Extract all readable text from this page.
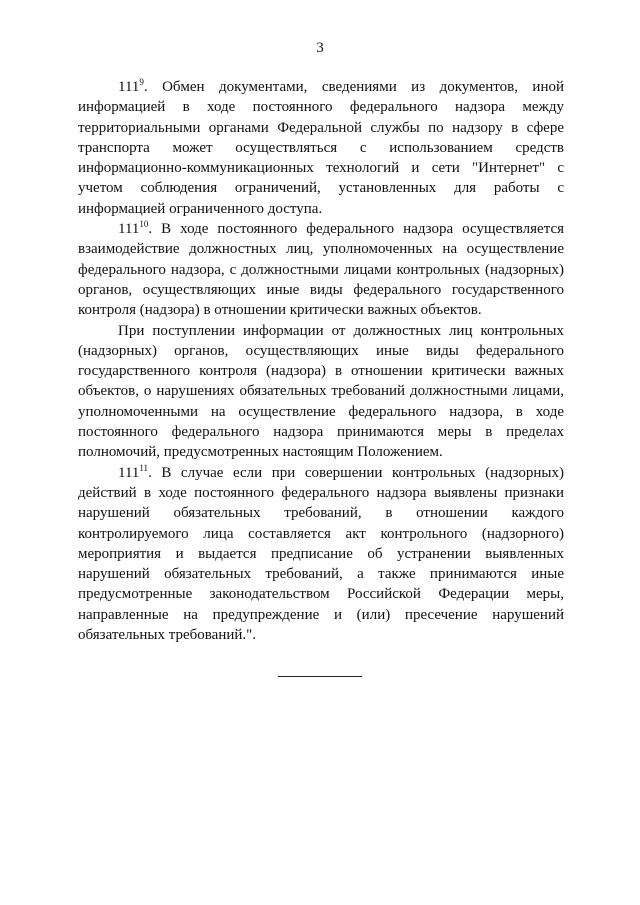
3

$111^9$. Обмен документами, сведениями из документов, иной информацией в ходе постоянного федерального надзора между территориальными органами Федеральной службы по надзору в сфере транспорта может осуществляться с использованием средств информационно-коммуникационных технологий и сети "Интернет" с учетом соблюдения ограничений, установленных для работы с информацией ограниченного доступа.

$111^{10}$. В ходе постоянного федерального надзора осуществляется взаимодействие должностных лиц, уполномоченных на осуществление федерального надзора, с должностными лицами контрольных (надзорных) органов, осуществляющих иные виды федерального государственного контроля (надзора) в отношении критически важных объектов.

При поступлении информации от должностных лиц контрольных (надзорных) органов, осуществляющих иные виды федерального государственного контроля (надзора) в отношении критически важных объектов, о нарушениях обязательных требований должностными лицами, уполномоченными на осуществление федерального надзора, в ходе постоянного федерального надзора принимаются меры в пределах полномочий, предусмотренных настоящим Положением.

$111^{11}$. В случае если при совершении контрольных (надзорных) действий в ходе постоянного федерального надзора выявлены признаки нарушений обязательных требований, в отношении каждого контролируемого лица составляется акт контрольного (надзорного) мероприятия и выдается предписание об устранении выявленных нарушений обязательных требований, а также принимаются иные предусмотренные законодательством Российской Федерации меры, направленные на предупреждение и (или) пресечение нарушений обязательных требований.".
